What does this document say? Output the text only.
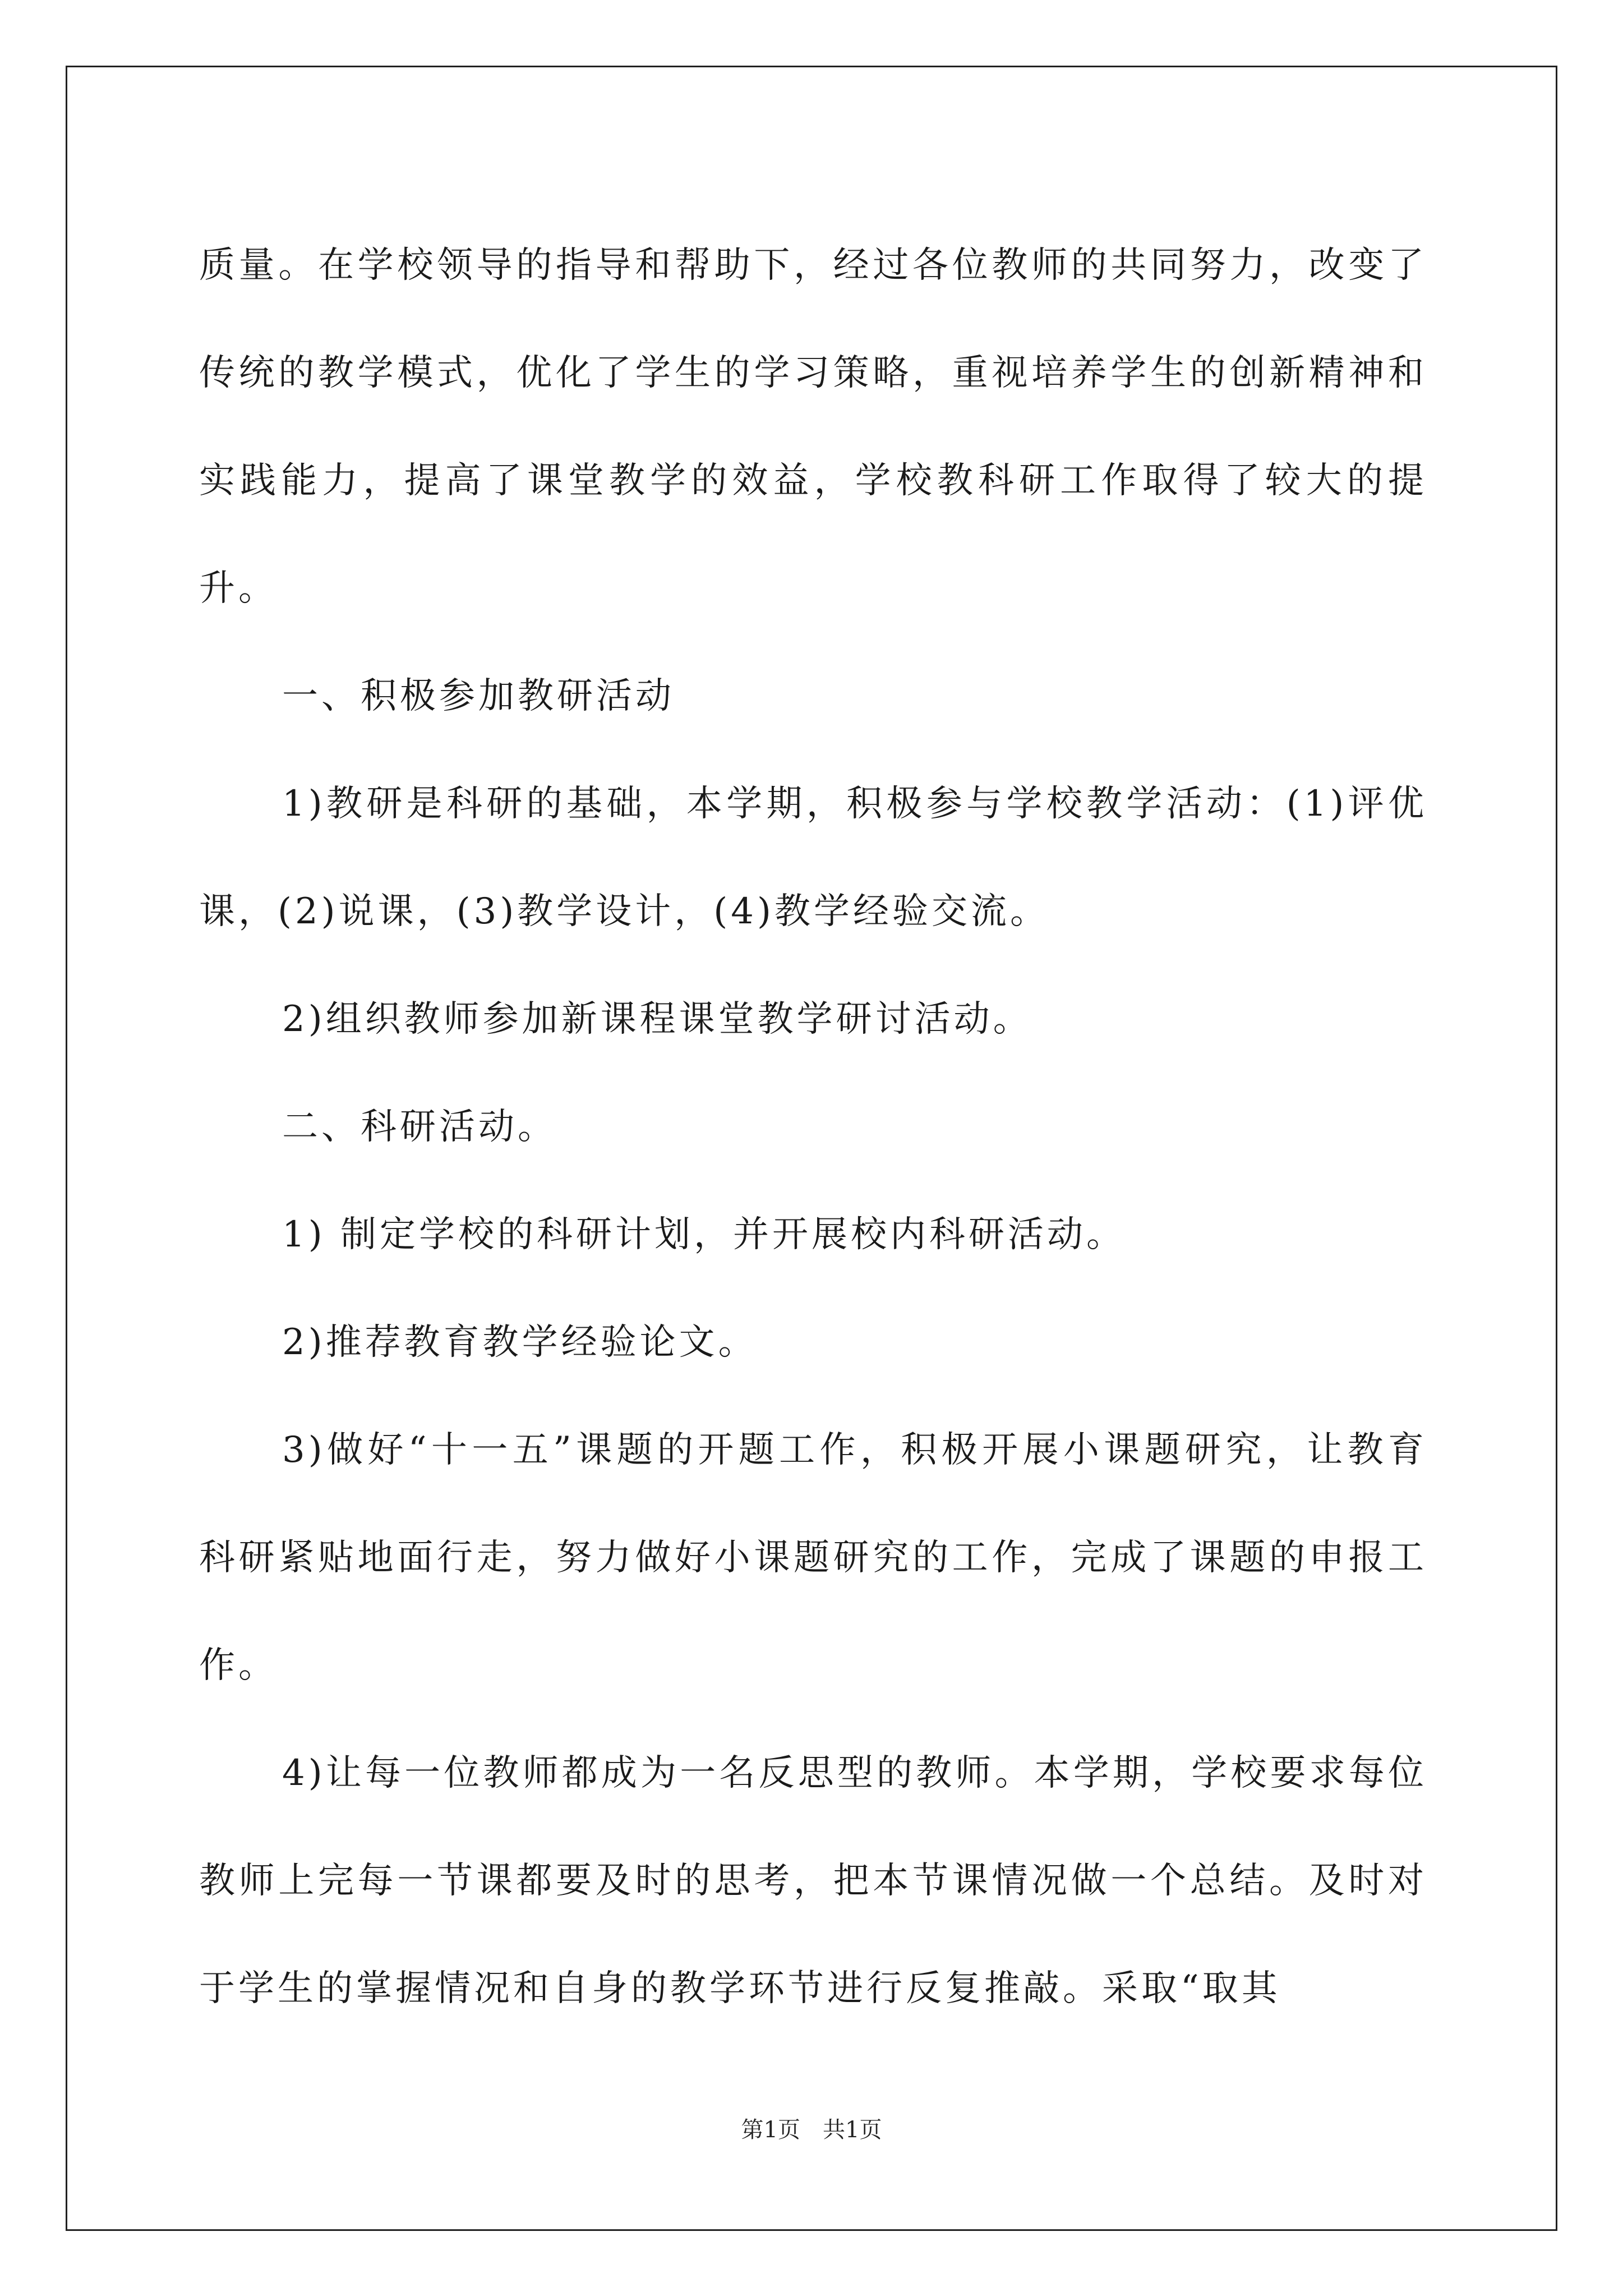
质量。在学校领导的指导和帮助下，经过各位教师的共同努力，改变了传统的教学模式，优化了学生的学习策略，重视培养学生的创新精神和实践能力，提高了课堂教学的效益，学校教科研工作取得了较大的提升。

一、积极参加教研活动

1)教研是科研的基础，本学期，积极参与学校教学活动：(1)评优课，(2)说课，(3)教学设计，(4)教学经验交流。

2)组织教师参加新课程课堂教学研讨活动。

二、科研活动。

1) 制定学校的科研计划，并开展校内科研活动。

2)推荐教育教学经验论文。

3)做好“十一五”课题的开题工作，积极开展小课题研究，让教育科研紧贴地面行走，努力做好小课题研究的工作，完成了课题的申报工作。

4)让每一位教师都成为一名反思型的教师。本学期，学校要求每位教师上完每一节课都要及时的思考，把本节课情况做一个总结。及时对于学生的掌握情况和自身的教学环节进行反复推敲。采取“取其

第1页 共1页
